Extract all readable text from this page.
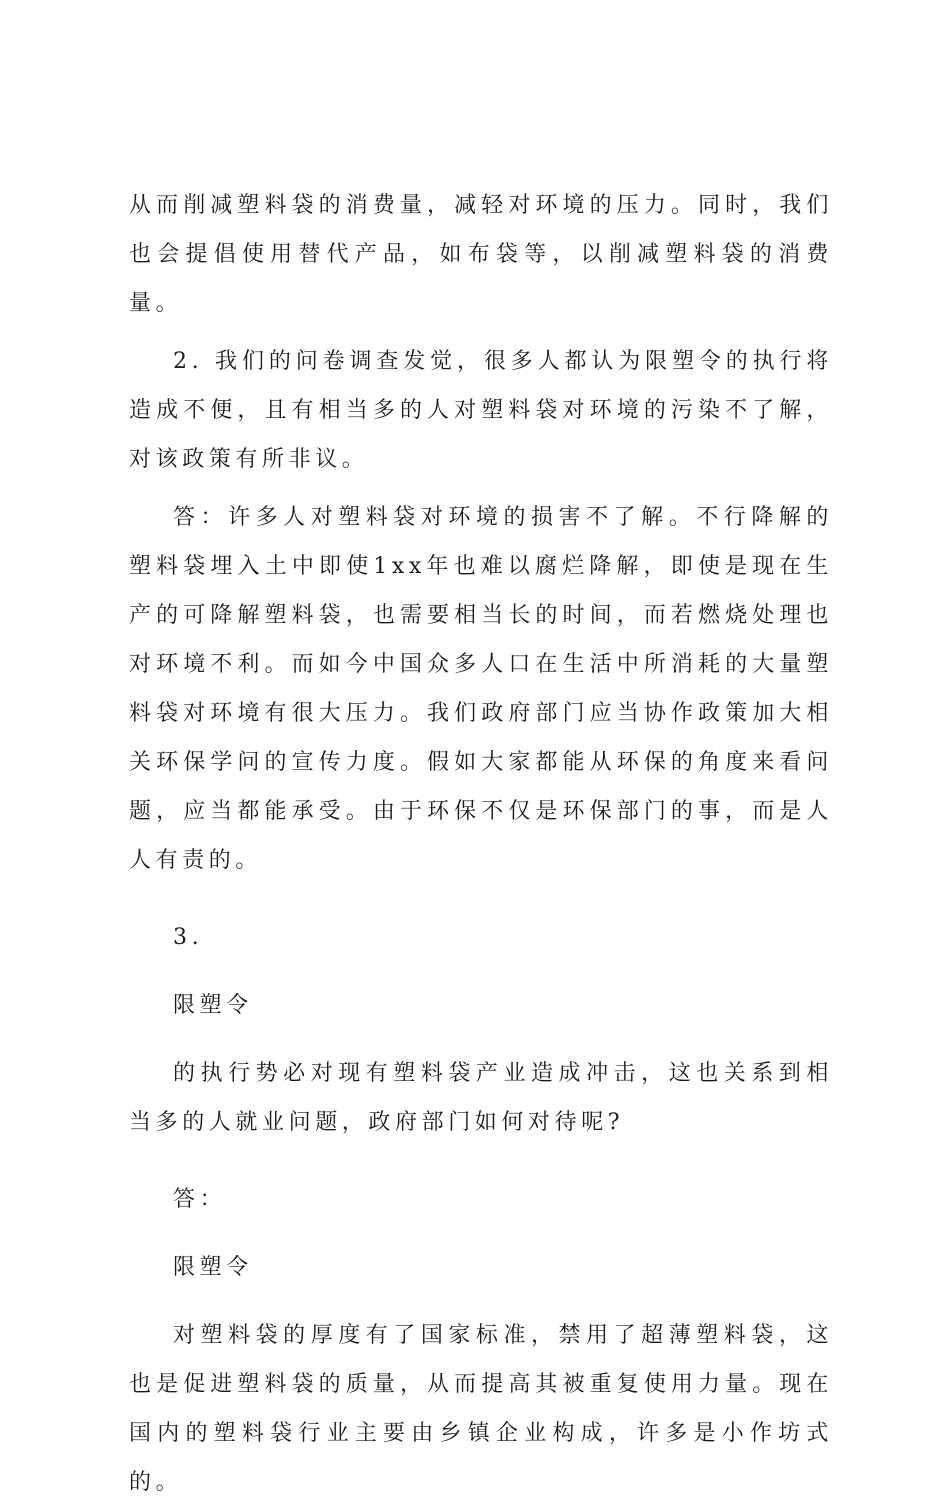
从而削减塑料袋的消费量，减轻对环境的压力。同时，我们也会提倡使用替代产品，如布袋等，以削减塑料袋的消费量。

2. 我们的问卷调查发觉，很多人都认为限塑令的执行将造成不便，且有相当多的人对塑料袋对环境的污染不了解，对该政策有所非议。

答：许多人对塑料袋对环境的损害不了解。不行降解的塑料袋埋入土中即使1xx年也难以腐烂降解，即使是现在生产的可降解塑料袋，也需要相当长的时间，而若燃烧处理也对环境不利。而如今中国众多人口在生活中所消耗的大量塑料袋对环境有很大压力。我们政府部门应当协作政策加大相关环保学问的宣传力度。假如大家都能从环保的角度来看问题，应当都能承受。由于环保不仅是环保部门的事，而是人人有责的。

3.

限塑令

的执行势必对现有塑料袋产业造成冲击，这也关系到相当多的人就业问题，政府部门如何对待呢?

答：

限塑令

对塑料袋的厚度有了国家标准，禁用了超薄塑料袋，这也是促进塑料袋的质量，从而提高其被重复使用力量。现在国内的塑料袋行业主要由乡镇企业构成，许多是小作坊式的。
